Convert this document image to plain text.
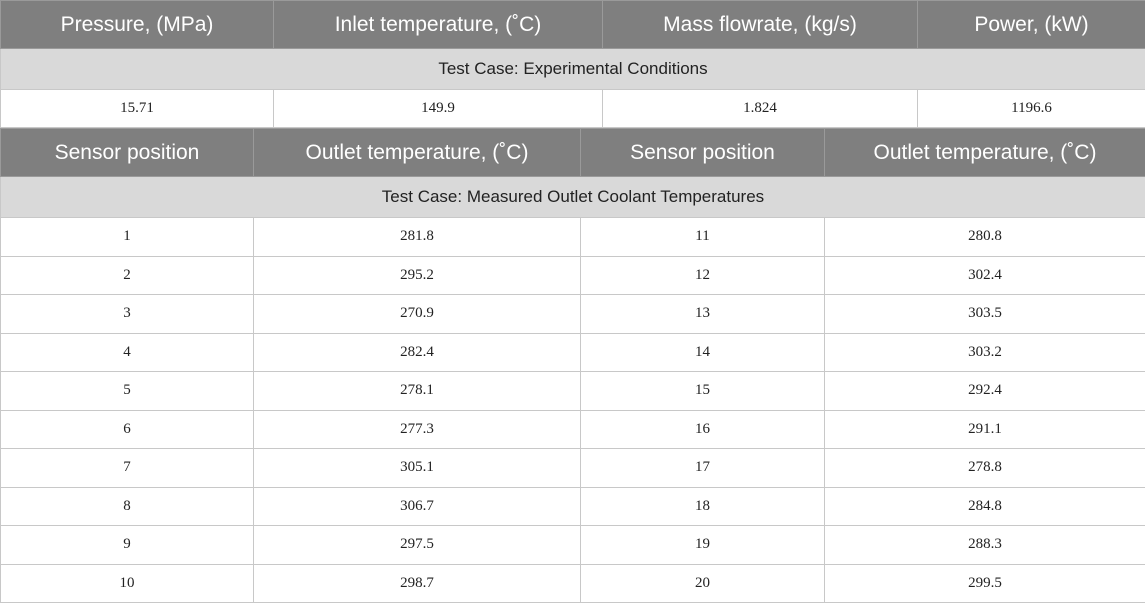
Pressure, (MPa)	Inlet temperature, (˚C)	Mass flowrate, (kg/s)	Power, (kW)
Test Case: Experimental Conditions			
15.71	149.9	1.824	1196.6
Sensor position	Outlet temperature, (˚C)	Sensor position	Outlet temperature, (˚C)
Test Case: Measured Outlet Coolant Temperatures			
1	281.8	11	280.8
2	295.2	12	302.4
3	270.9	13	303.5
4	282.4	14	303.2
5	278.1	15	292.4
6	277.3	16	291.1
7	305.1	17	278.8
8	306.7	18	284.8
9	297.5	19	288.3
10	298.7	20	299.5
